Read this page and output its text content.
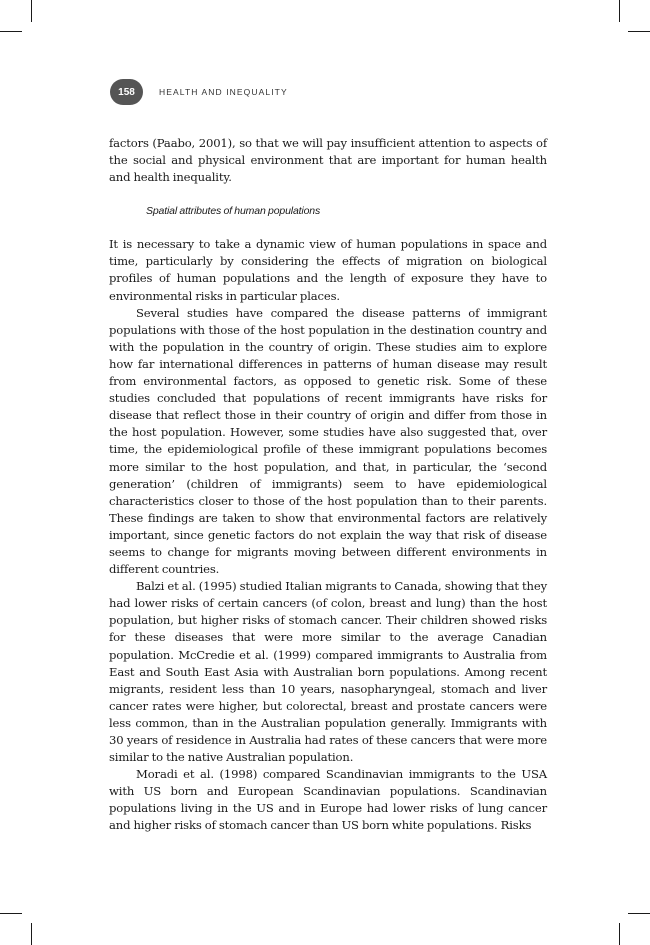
158	HEALTH AND INEQUALITY

factors (Paabo, 2001), so that we will pay insufficient attention to aspects of the social and physical environment that are important for human health and health inequality.

Spatial attributes of human populations

It is necessary to take a dynamic view of human populations in space and time, particularly by considering the effects of migration on biological profiles of human populations and the length of exposure they have to environmental risks in particular places.

Several studies have compared the disease patterns of immigrant populations with those of the host population in the destination country and with the population in the country of origin. These studies aim to explore how far international differences in patterns of human disease may result from environmental factors, as opposed to genetic risk. Some of these studies concluded that populations of recent immigrants have risks for disease that reflect those in their country of origin and differ from those in the host population. However, some studies have also suggested that, over time, the epidemiological profile of these immigrant populations becomes more similar to the host population, and that, in particular, the ‘second generation’ (children of immigrants) seem to have epidemiological characteristics closer to those of the host population than to their parents. These findings are taken to show that environmental factors are relatively important, since genetic factors do not explain the way that risk of disease seems to change for migrants moving between different environments in different countries.

Balzi et al. (1995) studied Italian migrants to Canada, showing that they had lower risks of certain cancers (of colon, breast and lung) than the host population, but higher risks of stomach cancer. Their children showed risks for these diseases that were more similar to the average Canadian population. McCredie et al. (1999) compared immigrants to Australia from East and South East Asia with Australian born populations. Among recent migrants, resident less than 10 years, nasopharyngeal, stomach and liver cancer rates were higher, but colorectal, breast and prostate cancers were less common, than in the Australian population generally. Immigrants with 30 years of residence in Australia had rates of these cancers that were more similar to the native Australian population.

Moradi et al. (1998) compared Scandinavian immigrants to the USA with US born and European Scandinavian populations. Scandinavian populations living in the US and in Europe had lower risks of lung cancer and higher risks of stomach cancer than US born white populations. Risks
